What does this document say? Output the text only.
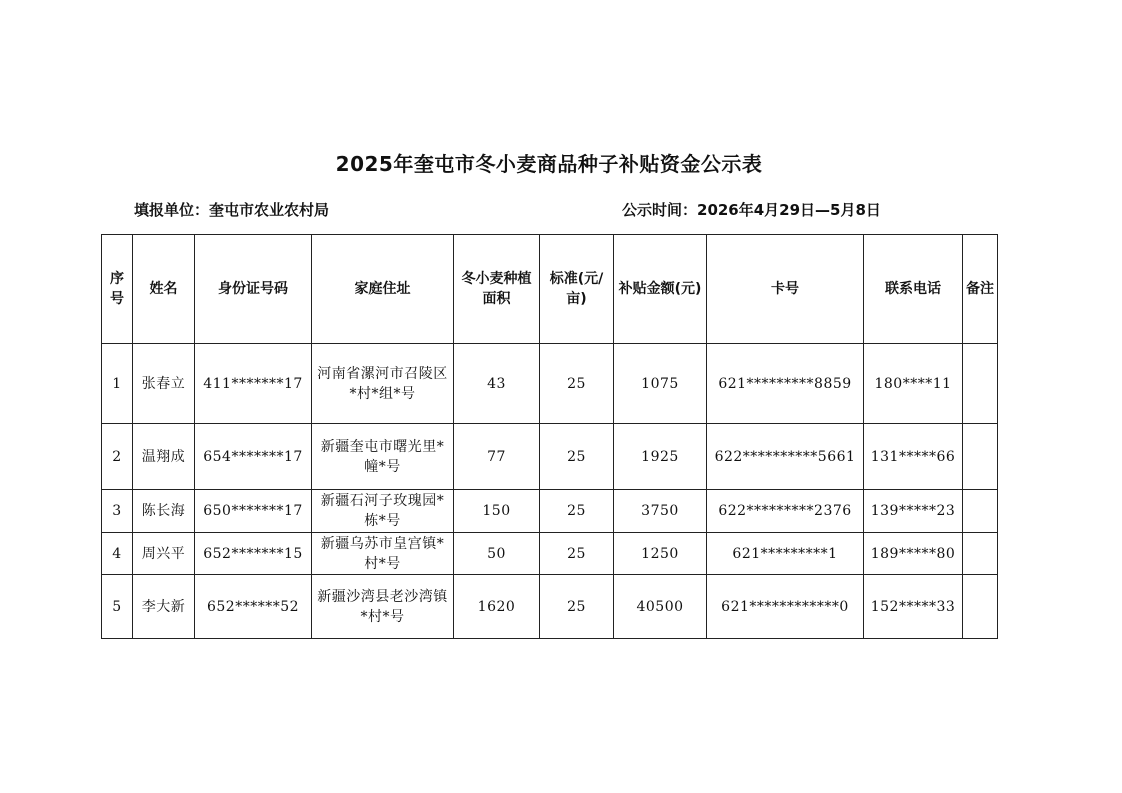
2025年奎屯市冬小麦商品种子补贴资金公示表
填报单位：奎屯市农业农村局	公示时间：2026年4月29日—5月8日
序号	姓名	身份证号码	家庭住址	冬小麦种植面积	标准(元/亩)	补贴金额(元)	卡号	联系电话	备注
1	张春立	411*******17	河南省漯河市召陵区*村*组*号	43	25	1075	621*********8859	180****11	
2	温翔成	654*******17	新疆奎屯市曙光里*幢*号	77	25	1925	622**********5661	131*****66	
3	陈长海	650*******17	新疆石河子玫瑰园*栋*号	150	25	3750	622*********2376	139*****23	
4	周兴平	652*******15	新疆乌苏市皇宫镇*村*号	50	25	1250	621*********1	189*****80	
5	李大新	652******52	新疆沙湾县老沙湾镇*村*号	1620	25	40500	621************0	152*****33	
